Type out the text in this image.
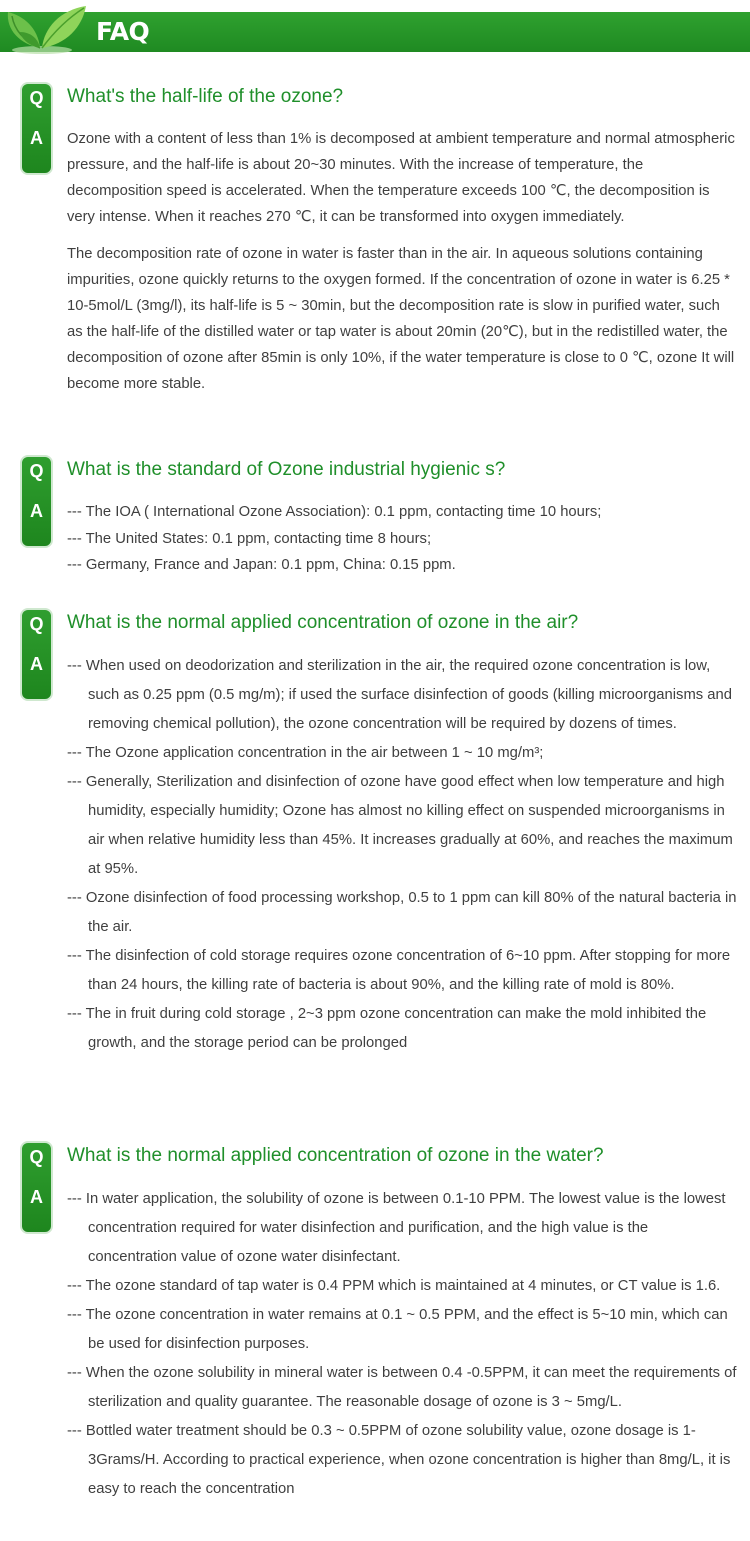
FAQ
Q
A
What's the half-life of the ozone?

Ozone with a content of less than 1% is decomposed at ambient temperature and normal atmospheric pressure, and the half-life is about 20~30 minutes. With the increase of temperature, the decomposition speed is accelerated. When the temperature exceeds 100 ℃, the decomposition is very intense. When it reaches 270 ℃, it can be transformed into oxygen immediately.

The decomposition rate of ozone in water is faster than in the air. In aqueous solutions containing impurities, ozone quickly returns to the oxygen formed. If the concentration of ozone in water is 6.25 * 10-5mol/L (3mg/l), its half-life is 5 ~ 30min, but the decomposition rate is slow in purified water, such as the half-life of the distilled water or tap water is about 20min (20℃), but in the redistilled water, the decomposition of ozone after 85min is only 10%, if the water temperature is close to 0 ℃, ozone It will become more stable.

Q
A
What is the standard of Ozone industrial hygienic s?
--- The IOA ( International Ozone Association): 0.1 ppm, contacting time 10 hours;
--- The United States: 0.1 ppm, contacting time 8 hours;
--- Germany, France and Japan: 0.1 ppm, China: 0.15 ppm.
Q
A
What is the normal applied concentration of ozone in the air?
--- When used on deodorization and sterilization in the air, the required ozone concentration is low, such as 0.25 ppm (0.5 mg/m); if used the surface disinfection of goods (killing microorganisms and removing chemical pollution), the ozone concentration will be required by dozens of times.
--- The Ozone application concentration in the air between 1 ~ 10 mg/m³;
--- Generally, Sterilization and disinfection of ozone have good effect when low temperature and high humidity, especially humidity; Ozone has almost no killing effect on suspended microorganisms in air when relative humidity less than 45%. It increases gradually at 60%, and reaches the maximum at 95%.
--- Ozone disinfection of food processing workshop, 0.5 to 1 ppm can kill 80% of the natural bacteria in the air.
--- The disinfection of cold storage requires ozone concentration of 6~10 ppm. After stopping for more than 24 hours, the killing rate of bacteria is about 90%, and the killing rate of mold is 80%.
--- The in fruit during cold storage , 2~3 ppm ozone concentration can make the mold inhibited the growth, and the storage period can be prolonged
Q
A
What is the normal applied concentration of ozone in the water?
--- In water application, the solubility of ozone is between 0.1-10 PPM. The lowest value is the lowest concentration required for water disinfection and purification, and the high value is the concentration value of ozone water disinfectant.
--- The ozone standard of tap water is 0.4 PPM which is maintained at 4 minutes, or CT value is 1.6.
--- The ozone concentration in water remains at 0.1 ~ 0.5 PPM, and the effect is 5~10 min, which can be used for disinfection purposes.
--- When the ozone solubility in mineral water is between 0.4 -0.5PPM, it can meet the requirements of sterilization and quality guarantee. The reasonable dosage of ozone is 3 ~ 5mg/L.
--- Bottled water treatment should be 0.3 ~ 0.5PPM of ozone solubility value, ozone dosage is 1-3Grams/H. According to practical experience, when ozone concentration is higher than 8mg/L, it is easy to reach the concentration
